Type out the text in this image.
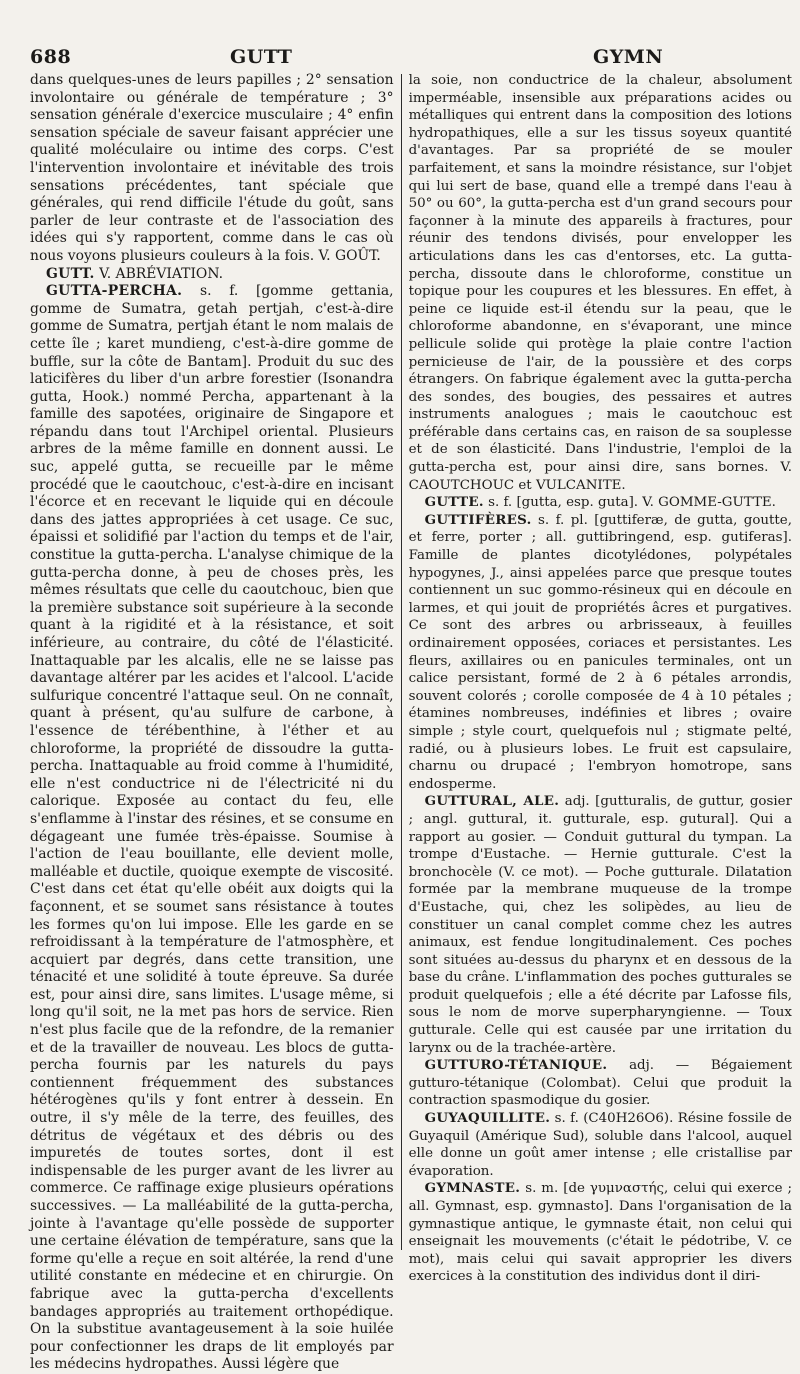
688	GUTT	GYMN

dans quelques-unes de leurs papilles ; 2° sensation involontaire ou générale de température ; 3° sensation générale d'exercice musculaire ; 4° enfin sensation spéciale de saveur faisant apprécier une qualité moléculaire ou intime des corps. C'est l'intervention involontaire et inévitable des trois sensations précédentes, tant spéciale que générales, qui rend difficile l'étude du goût, sans parler de leur contraste et de l'association des idées qui s'y rapportent, comme dans le cas où nous voyons plusieurs couleurs à la fois. V. GOÛT.

GUTT. V. ABRÉVIATION.

GUTTA-PERCHA. s. f. [gomme gettania, gomme de Sumatra, getah pertjah, c'est-à-dire gomme de Sumatra, pertjah étant le nom malais de cette île ; karet mundieng, c'est-à-dire gomme de buffle, sur la côte de Bantam]. Produit du suc des laticifères du liber d'un arbre forestier (Isonandra gutta, Hook.) nommé Percha, appartenant à la famille des sapotées, originaire de Singapore et répandu dans tout l'Archipel oriental. Plusieurs arbres de la même famille en donnent aussi. Le suc, appelé gutta, se recueille par le même procédé que le caoutchouc, c'est-à-dire en incisant l'écorce et en recevant le liquide qui en découle dans des jattes appropriées à cet usage. Ce suc, épaissi et solidifié par l'action du temps et de l'air, constitue la gutta-percha. L'analyse chimique de la gutta-percha donne, à peu de choses près, les mêmes résultats que celle du caoutchouc, bien que la première substance soit supérieure à la seconde quant à la rigidité et à la résistance, et soit inférieure, au contraire, du côté de l'élasticité. Inattaquable par les alcalis, elle ne se laisse pas davantage altérer par les acides et l'alcool. L'acide sulfurique concentré l'attaque seul. On ne connaît, quant à présent, qu'au sulfure de carbone, à l'essence de térébenthine, à l'éther et au chloroforme, la propriété de dissoudre la gutta-percha. Inattaquable au froid comme à l'humidité, elle n'est conductrice ni de l'électricité ni du calorique. Exposée au contact du feu, elle s'enflamme à l'instar des résines, et se consume en dégageant une fumée très-épaisse. Soumise à l'action de l'eau bouillante, elle devient molle, malléable et ductile, quoique exempte de viscosité. C'est dans cet état qu'elle obéit aux doigts qui la façonnent, et se soumet sans résistance à toutes les formes qu'on lui impose. Elle les garde en se refroidissant à la température de l'atmosphère, et acquiert par degrés, dans cette transition, une ténacité et une solidité à toute épreuve. Sa durée est, pour ainsi dire, sans limites. L'usage même, si long qu'il soit, ne la met pas hors de service. Rien n'est plus facile que de la refondre, de la remanier et de la travailler de nouveau. Les blocs de gutta-percha fournis par les naturels du pays contiennent fréquemment des substances hétérogènes qu'ils y font entrer à dessein. En outre, il s'y mêle de la terre, des feuilles, des détritus de végétaux et des débris ou des impuretés de toutes sortes, dont il est indispensable de les purger avant de les livrer au commerce. Ce raffinage exige plusieurs opérations successives. — La malléabilité de la gutta-percha, jointe à l'avantage qu'elle possède de supporter une certaine élévation de température, sans que la forme qu'elle a reçue en soit altérée, la rend d'une utilité constante en médecine et en chirurgie. On fabrique avec la gutta-percha d'excellents bandages appropriés au traitement orthopédique. On la substitue avantageusement à la soie huilée pour confectionner les draps de lit employés par les médecins hydropathes. Aussi légère que

la soie, non conductrice de la chaleur, absolument imperméable, insensible aux préparations acides ou métalliques qui entrent dans la composition des lotions hydropathiques, elle a sur les tissus soyeux quantité d'avantages. Par sa propriété de se mouler parfaitement, et sans la moindre résistance, sur l'objet qui lui sert de base, quand elle a trempé dans l'eau à 50° ou 60°, la gutta-percha est d'un grand secours pour façonner à la minute des appareils à fractures, pour réunir des tendons divisés, pour envelopper les articulations dans les cas d'entorses, etc. La gutta-percha, dissoute dans le chloroforme, constitue un topique pour les coupures et les blessures. En effet, à peine ce liquide est-il étendu sur la peau, que le chloroforme abandonne, en s'évaporant, une mince pellicule solide qui protège la plaie contre l'action pernicieuse de l'air, de la poussière et des corps étrangers. On fabrique également avec la gutta-percha des sondes, des bougies, des pessaires et autres instruments analogues ; mais le caoutchouc est préférable dans certains cas, en raison de sa souplesse et de son élasticité. Dans l'industrie, l'emploi de la gutta-percha est, pour ainsi dire, sans bornes. V. CAOUTCHOUC et VULCANITE.

GUTTE. s. f. [gutta, esp. guta]. V. GOMME-GUTTE.

GUTTIFÈRES. s. f. pl. [guttiferæ, de gutta, goutte, et ferre, porter ; all. guttibringend, esp. gutiferas]. Famille de plantes dicotylédones, polypétales hypogynes, J., ainsi appelées parce que presque toutes contiennent un suc gommo-résineux qui en découle en larmes, et qui jouit de propriétés âcres et purgatives. Ce sont des arbres ou arbrisseaux, à feuilles ordinairement opposées, coriaces et persistantes. Les fleurs, axillaires ou en panicules terminales, ont un calice persistant, formé de 2 à 6 pétales arrondis, souvent colorés ; corolle composée de 4 à 10 pétales ; étamines nombreuses, indéfinies et libres ; ovaire simple ; style court, quelquefois nul ; stigmate pelté, radié, ou à plusieurs lobes. Le fruit est capsulaire, charnu ou drupacé ; l'embryon homotrope, sans endosperme.

GUTTURAL, ALE. adj. [gutturalis, de guttur, gosier ; angl. guttural, it. gutturale, esp. gutural]. Qui a rapport au gosier. — Conduit guttural du tympan. La trompe d'Eustache. — Hernie gutturale. C'est la bronchocèle (V. ce mot). — Poche gutturale. Dilatation formée par la membrane muqueuse de la trompe d'Eustache, qui, chez les solipèdes, au lieu de constituer un canal complet comme chez les autres animaux, est fendue longitudinalement. Ces poches sont situées au-dessus du pharynx et en dessous de la base du crâne. L'inflammation des poches gutturales se produit quelquefois ; elle a été décrite par Lafosse fils, sous le nom de morve superpharyngienne. — Toux gutturale. Celle qui est causée par une irritation du larynx ou de la trachée-artère.

GUTTURO-TÉTANIQUE. adj. — Bégaiement gutturo-tétanique (Colombat). Celui que produit la contraction spasmodique du gosier.

GUYAQUILLITE. s. f. (C40H26O6). Résine fossile de Guyaquil (Amérique Sud), soluble dans l'alcool, auquel elle donne un goût amer intense ; elle cristallise par évaporation.

GYMNASTE. s. m. [de γυμναστής, celui qui exerce ; all. Gymnast, esp. gymnasto]. Dans l'organisation de la gymnastique antique, le gymnaste était, non celui qui enseignait les mouvements (c'était le pédotribe, V. ce mot), mais celui qui savait approprier les divers exercices à la constitution des individus dont il diri-
